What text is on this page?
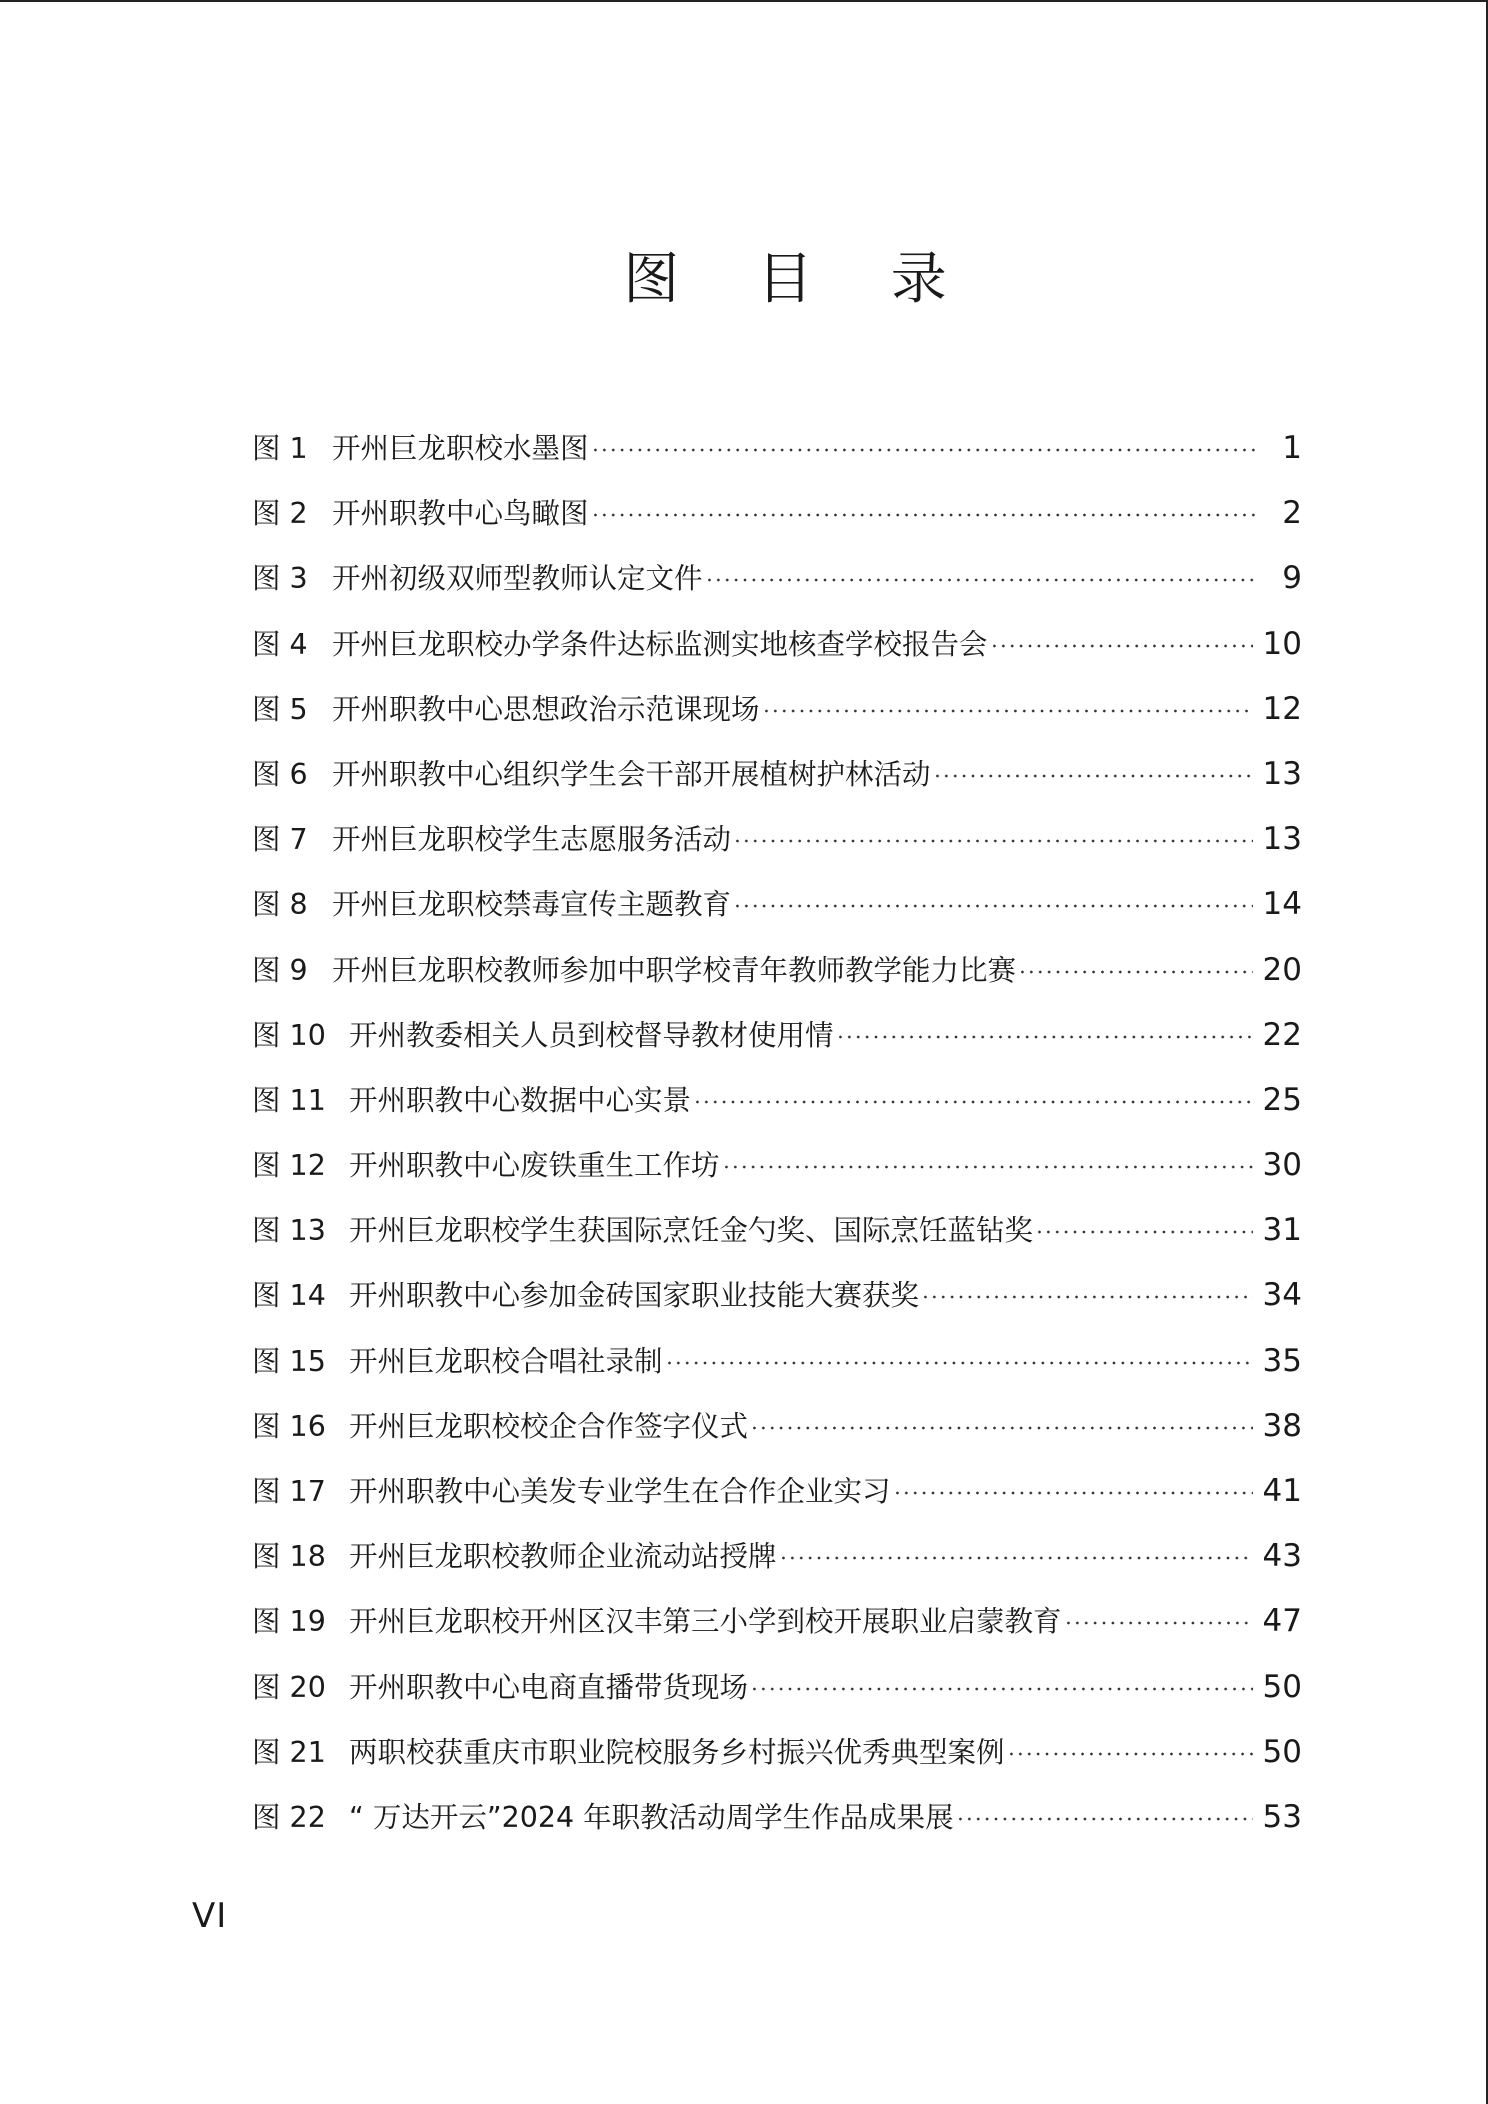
图 目 录
图 1 开州巨龙职校水墨图	1
图 2 开州职教中心鸟瞰图	2
图 3 开州初级双师型教师认定文件	9
图 4 开州巨龙职校办学条件达标监测实地核查学校报告会	10
图 5 开州职教中心思想政治示范课现场	12
图 6 开州职教中心组织学生会干部开展植树护林活动	13
图 7 开州巨龙职校学生志愿服务活动	13
图 8 开州巨龙职校禁毒宣传主题教育	14
图 9 开州巨龙职校教师参加中职学校青年教师教学能力比赛	20
图 10 开州教委相关人员到校督导教材使用情	22
图 11 开州职教中心数据中心实景	25
图 12 开州职教中心废铁重生工作坊	30
图 13 开州巨龙职校学生获国际烹饪金勺奖、国际烹饪蓝钻奖	31
图 14 开州职教中心参加金砖国家职业技能大赛获奖	34
图 15 开州巨龙职校合唱社录制	35
图 16 开州巨龙职校校企合作签字仪式	38
图 17 开州职教中心美发专业学生在合作企业实习	41
图 18 开州巨龙职校教师企业流动站授牌	43
图 19 开州巨龙职校开州区汉丰第三小学到校开展职业启蒙教育	47
图 20 开州职教中心电商直播带货现场	50
图 21 两职校获重庆市职业院校服务乡村振兴优秀典型案例	50
图 22 “ 万达开云”2024 年职教活动周学生作品成果展	53
VI
